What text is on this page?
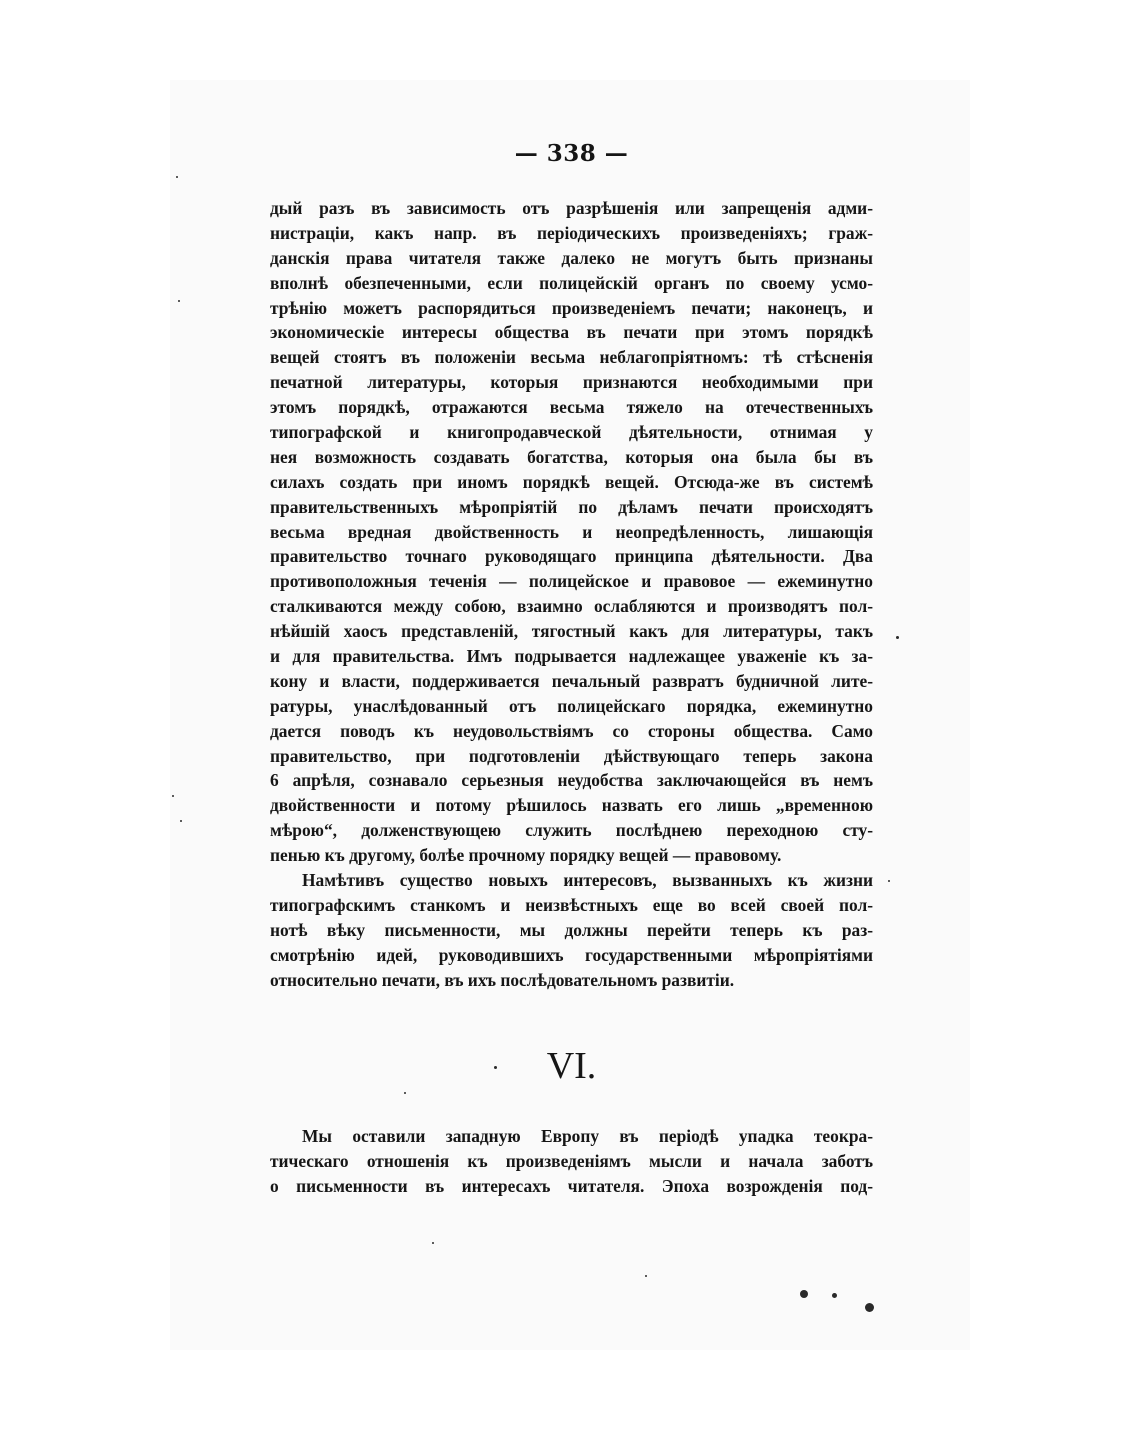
— 338 —
дый разъ въ зависимость отъ разрѣшенія или запрещенія адми-
нистраціи, какъ напр. въ періодическихъ произведеніяхъ; граж-
данскія права читателя также далеко не могутъ быть признаны
вполнѣ обезпеченными, если полицейскій органъ по своему усмо-
трѣнію можетъ распорядиться произведеніемъ печати; наконецъ, и
экономическіе интересы общества въ печати при этомъ порядкѣ
вещей стоятъ въ положеніи весьма неблагопріятномъ: тѣ стѣсненія
печатной литературы, которыя признаются необходимыми при
этомъ порядкѣ, отражаются весьма тяжело на отечественныхъ
типографской и книгопродавческой дѣятельности, отнимая у
нея возможность создавать богатства, которыя она была бы въ
силахъ создать при иномъ порядкѣ вещей. Отсюда-же въ системѣ
правительственныхъ мѣропріятій по дѣламъ печати происходятъ
весьма вредная двойственность и неопредѣленность, лишающія
правительство точнаго руководящаго принципа дѣятельности. Два
противоположныя теченія — полицейское и правовое — ежеминутно
сталкиваются между собою, взаимно ослабляются и производятъ пол-
нѣйшій хаосъ представленій, тягостный какъ для литературы, такъ
и для правительства. Имъ подрывается надлежащее уваженіе къ за-
кону и власти, поддерживается печальный развратъ будничной лите-
ратуры, унаслѣдованный отъ полицейскаго порядка, ежеминутно
дается поводъ къ неудовольствіямъ со стороны общества. Само
правительство, при подготовленіи дѣйствующаго теперь закона
6 апрѣля, сознавало серьезныя неудобства заключающейся въ немъ
двойственности и потому рѣшилось назвать его лишь „временною
мѣрою“, долженствующею служить послѣднею переходною сту-
пенью къ другому, болѣе прочному порядку вещей — правовому.
Намѣтивъ существо новыхъ интересовъ, вызванныхъ къ жизни
типографскимъ станкомъ и неизвѣстныхъ еще во всей своей пол-
нотѣ вѣку письменности, мы должны перейти теперь къ раз-
смотрѣнію идей, руководившихъ государственными мѣропріятіями
относительно печати, въ ихъ послѣдовательномъ развитіи.
VI.
Мы оставили западную Европу въ періодѣ упадка теокра-
тическаго отношенія къ произведеніямъ мысли и начала заботъ
о письменности въ интересахъ читателя. Эпоха возрожденія под-
